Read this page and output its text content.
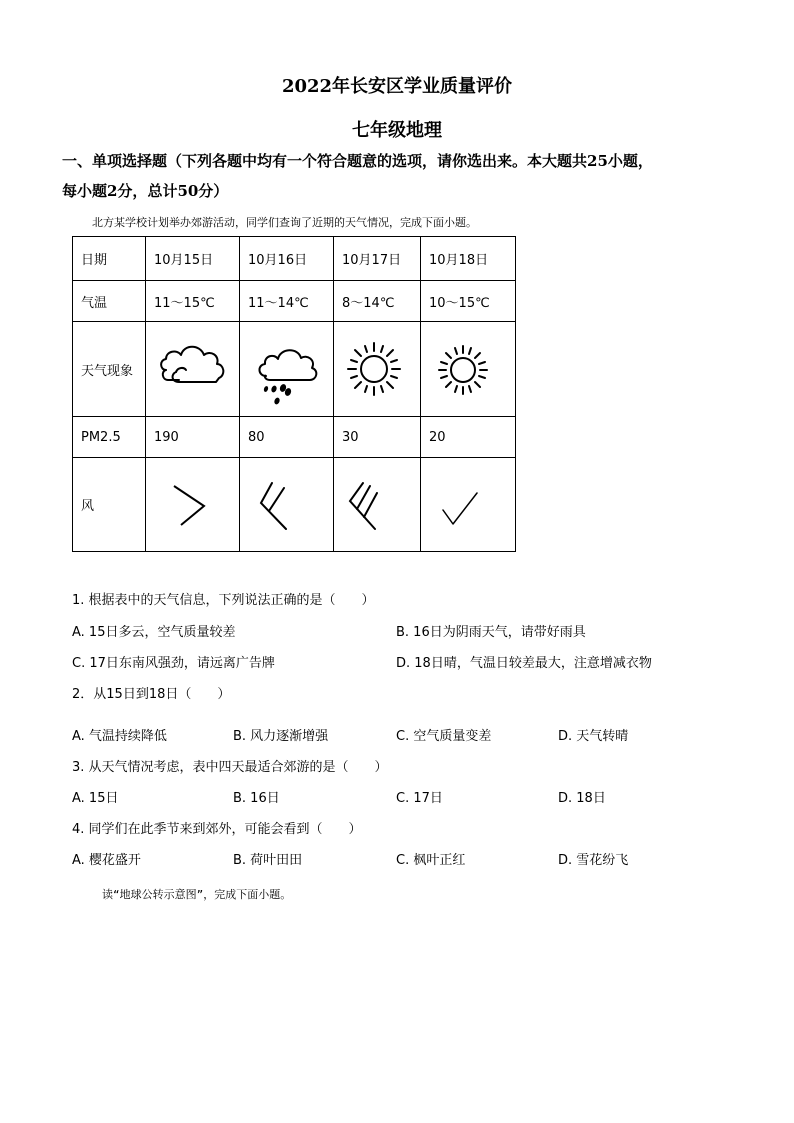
2022年长安区学业质量评价
七年级地理
一、单项选择题（下列各题中均有一个符合题意的选项，请你选出来。本大题共25小题，
每小题2分，总计50分）
北方某学校计划举办郊游活动，同学们查询了近期的天气情况，完成下面小题。
日期	10月15日	10月16日	10月17日	10月18日
气温	11～15℃	11～14℃	8～14℃	10～15℃
天气现象	

PM2.5	190	80	30	20
风	

1. 根据表中的天气信息，下列说法正确的是（　　）
A. 15日多云，空气质量较差	B. 16日为阴雨天气，请带好雨具
C. 17日东南风强劲，请远离广告牌	D. 18日晴，气温日较差最大，注意增减衣物
2．从15日到18日（　　）
A. 气温持续降低	B. 风力逐渐增强	C. 空气质量变差	D. 天气转晴
3. 从天气情况考虑，表中四天最适合郊游的是（　　）
A. 15日	B. 16日	C. 17日	D. 18日
4. 同学们在此季节来到郊外，可能会看到（　　）
A. 樱花盛开	B. 荷叶田田	C. 枫叶正红	D. 雪花纷飞
读“地球公转示意图”，完成下面小题。
